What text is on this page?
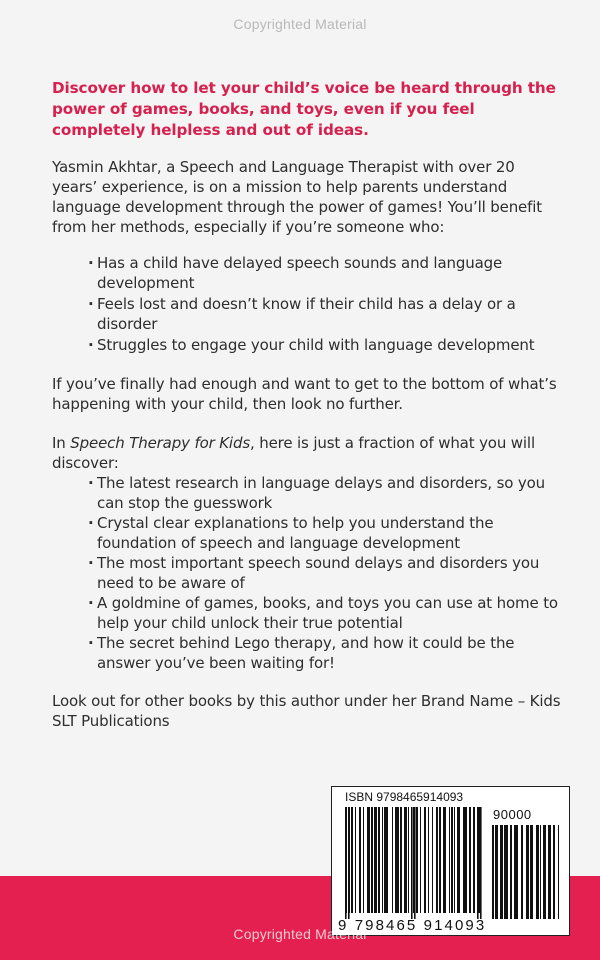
Copyrighted Material
Discover how to let your child’s voice be heard through the power of games, books, and toys, even if you feel completely helpless and out of ideas.

Yasmin Akhtar, a Speech and Language Therapist with over 20 years’ experience, is on a mission to help parents understand language development through the power of games! You’ll benefit from her methods, especially if you’re someone who:

· Has a child have delayed speech sounds and language development
· Feels lost and doesn’t know if their child has a delay or a disorder
· Struggles to engage your child with language development

If you’ve finally had enough and want to get to the bottom of what’s happening with your child, then look no further.

In Speech Therapy for Kids, here is just a fraction of what you will discover:

· The latest research in language delays and disorders, so you can stop the guesswork
· Crystal clear explanations to help you understand the foundation of speech and language development
· The most important speech sound delays and disorders you need to be aware of
· A goldmine of games, books, and toys you can use at home to help your child unlock their true potential
· The secret behind Lego therapy, and how it could be the answer you’ve been waiting for!

Look out for other books by this author under her Brand Name – Kids SLT Publications

ISBN 9798465914093
90000
9 798465 914093
Copyrighted Material
